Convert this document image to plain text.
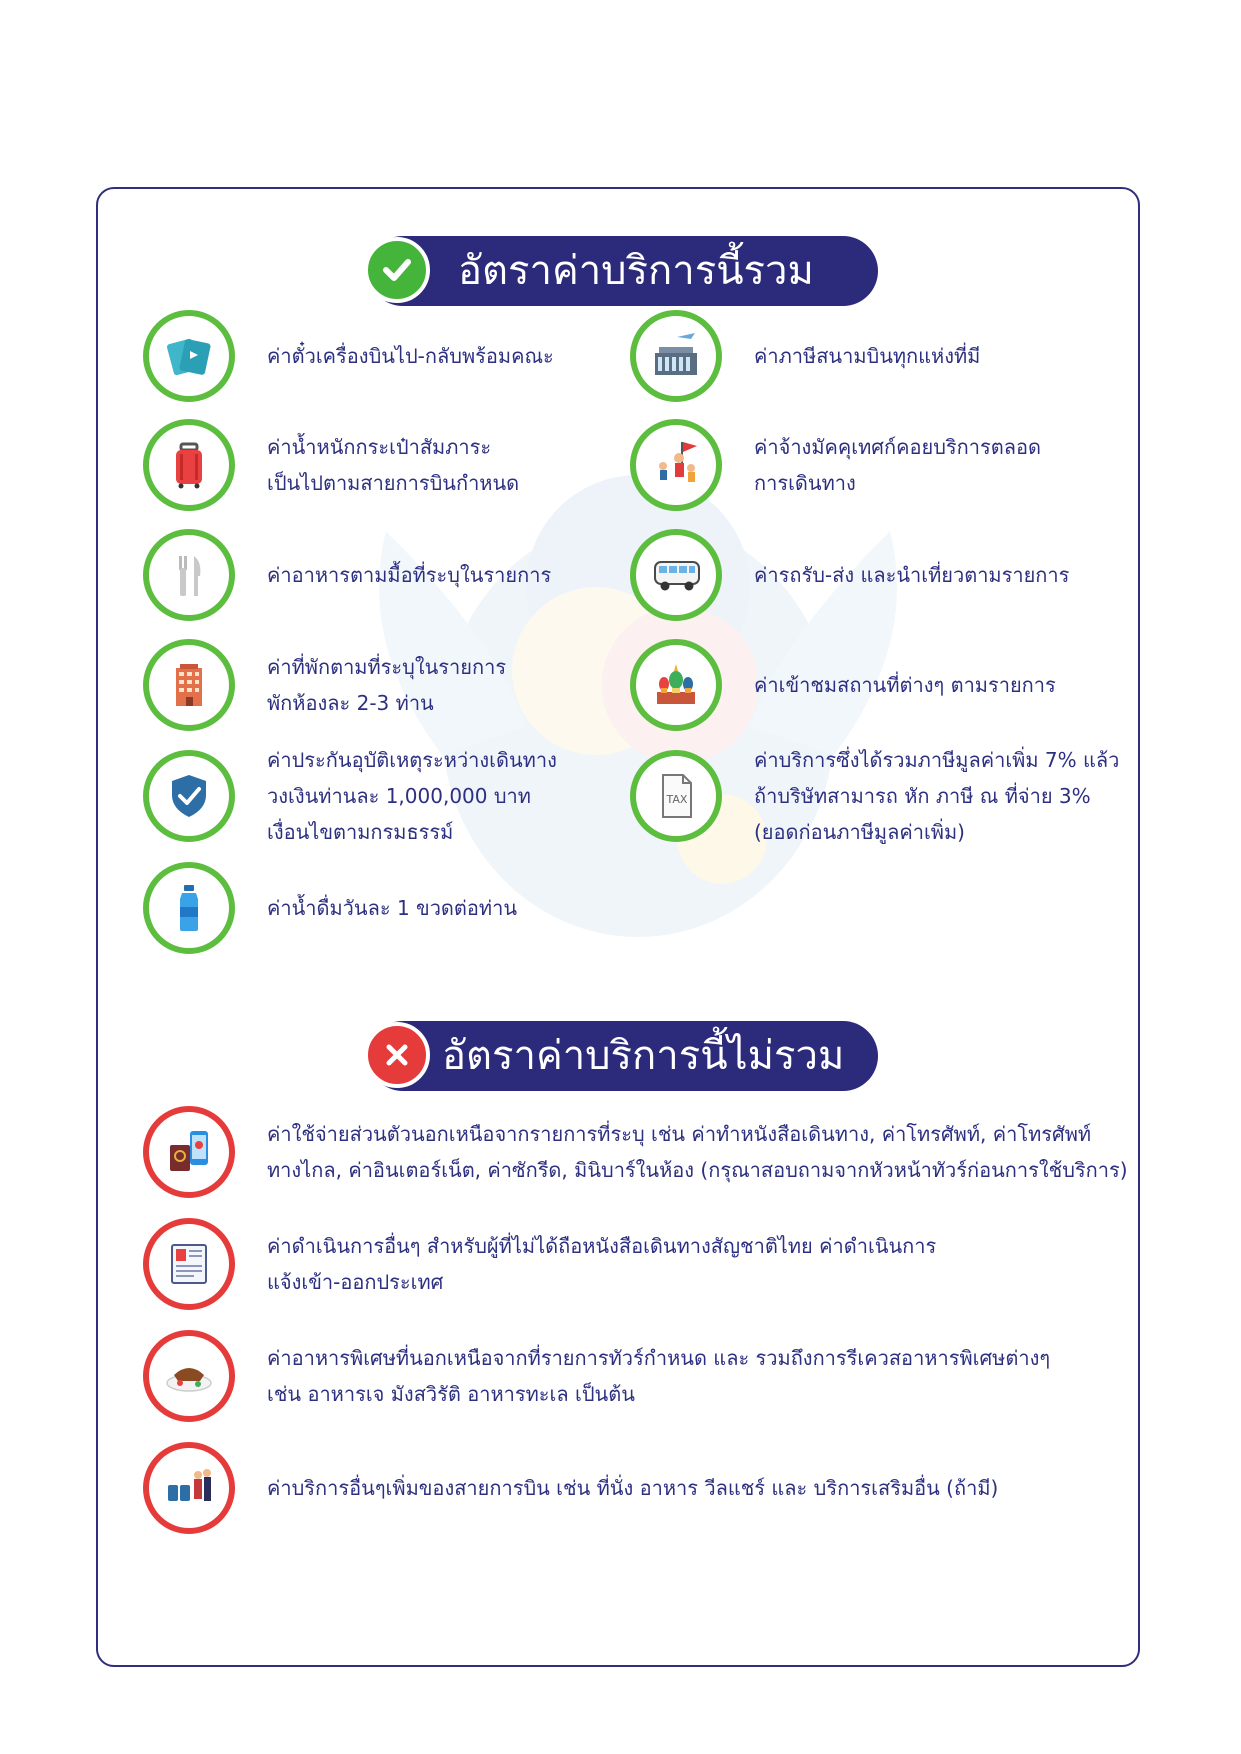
อัตราค่าบริการนี้รวม
ค่าตั๋วเครื่องบินไป-กลับพร้อมคณะ
ค่าน้ำหนักกระเป๋าสัมภาระ
เป็นไปตามสายการบินกำหนด
ค่าอาหารตามมื้อที่ระบุในรายการ
ค่าที่พักตามที่ระบุในรายการ
พักห้องละ 2-3 ท่าน
ค่าประกันอุบัติเหตุระหว่างเดินทาง
วงเงินท่านละ 1,000,000 บาท
เงื่อนไขตามกรมธรรม์
ค่าน้ำดื่มวันละ 1 ขวดต่อท่าน
ค่าภาษีสนามบินทุกแห่งที่มี
ค่าจ้างมัคคุเทศก์คอยบริการตลอด
การเดินทาง
ค่ารถรับ-ส่ง และนำเที่ยวตามรายการ
ค่าเข้าชมสถานที่ต่างๆ ตามรายการ
TAX
ค่าบริการซึ่งได้รวมภาษีมูลค่าเพิ่ม 7% แล้ว
ถ้าบริษัทสามารถ หัก ภาษี ณ ที่จ่าย 3%
(ยอดก่อนภาษีมูลค่าเพิ่ม)
อัตราค่าบริการนี้ไม่รวม
ค่าใช้จ่ายส่วนตัวนอกเหนือจากรายการที่ระบุ เช่น ค่าทำหนังสือเดินทาง, ค่าโทรศัพท์, ค่าโทรศัพท์
ทางไกล, ค่าอินเตอร์เน็ต, ค่าซักรีด, มินิบาร์ในห้อง (กรุณาสอบถามจากหัวหน้าทัวร์ก่อนการใช้บริการ)
ค่าดำเนินการอื่นๆ สำหรับผู้ที่ไม่ได้ถือหนังสือเดินทางสัญชาติไทย ค่าดำเนินการ
แจ้งเข้า-ออกประเทศ
ค่าอาหารพิเศษที่นอกเหนือจากที่รายการทัวร์กำหนด และ รวมถึงการรีเควสอาหารพิเศษต่างๆ
เช่น อาหารเจ มังสวิรัติ อาหารทะเล เป็นต้น
ค่าบริการอื่นๆเพิ่มของสายการบิน เช่น ที่นั่ง อาหาร วีลแชร์ และ บริการเสริมอื่น (ถ้ามี)
